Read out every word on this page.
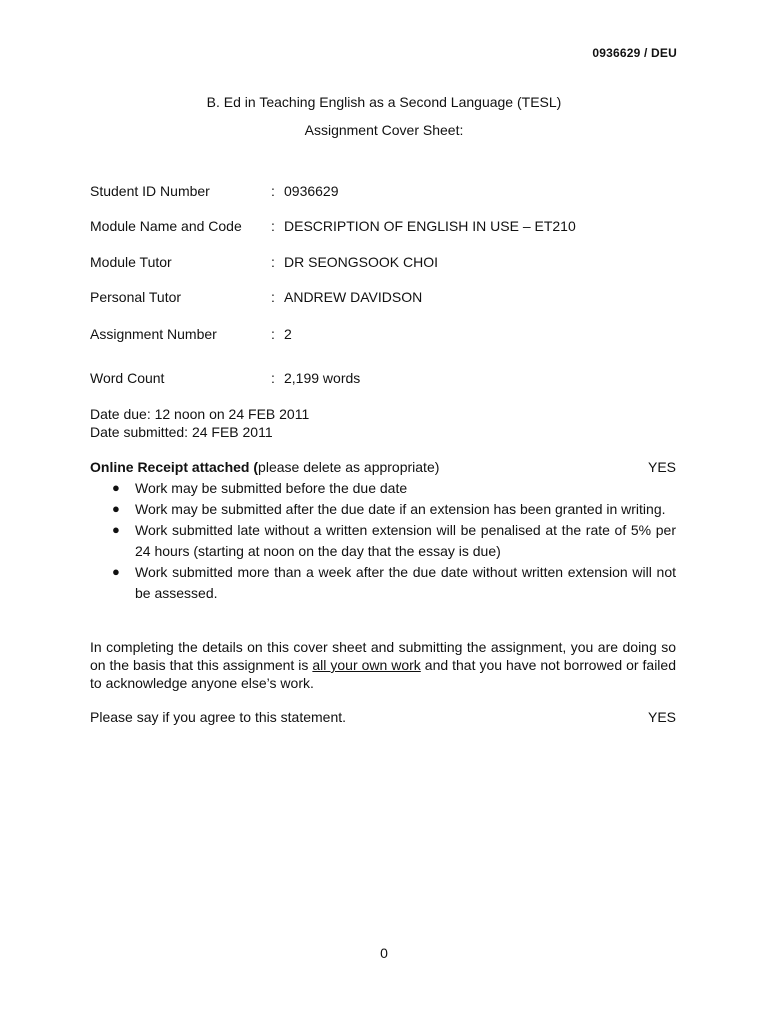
0936629 / DEU
B. Ed in Teaching English as a Second Language (TESL)
Assignment Cover Sheet:
Student ID Number	: 0936629
Module Name and Code : DESCRIPTION OF ENGLISH IN USE – ET210
Module Tutor	: DR SEONGSOOK CHOI
Personal Tutor	: ANDREW DAVIDSON
Assignment Number	: 2
Word Count	: 2,199 words
Date due: 12 noon on 24 FEB 2011
Date submitted: 24 FEB 2011
Online Receipt attached (please delete as appropriate)	YES
● Work may be submitted before the due date
● Work may be submitted after the due date if an extension has been granted in writing.
● Work submitted late without a written extension will be penalised at the rate of 5% per 24 hours (starting at noon on the day that the essay is due)
● Work submitted more than a week after the due date without written extension will not be assessed.
In completing the details on this cover sheet and submitting the assignment, you are doing so on the basis that this assignment is all your own work and that you have not borrowed or failed to acknowledge anyone else’s work.
Please say if you agree to this statement.	YES
0
